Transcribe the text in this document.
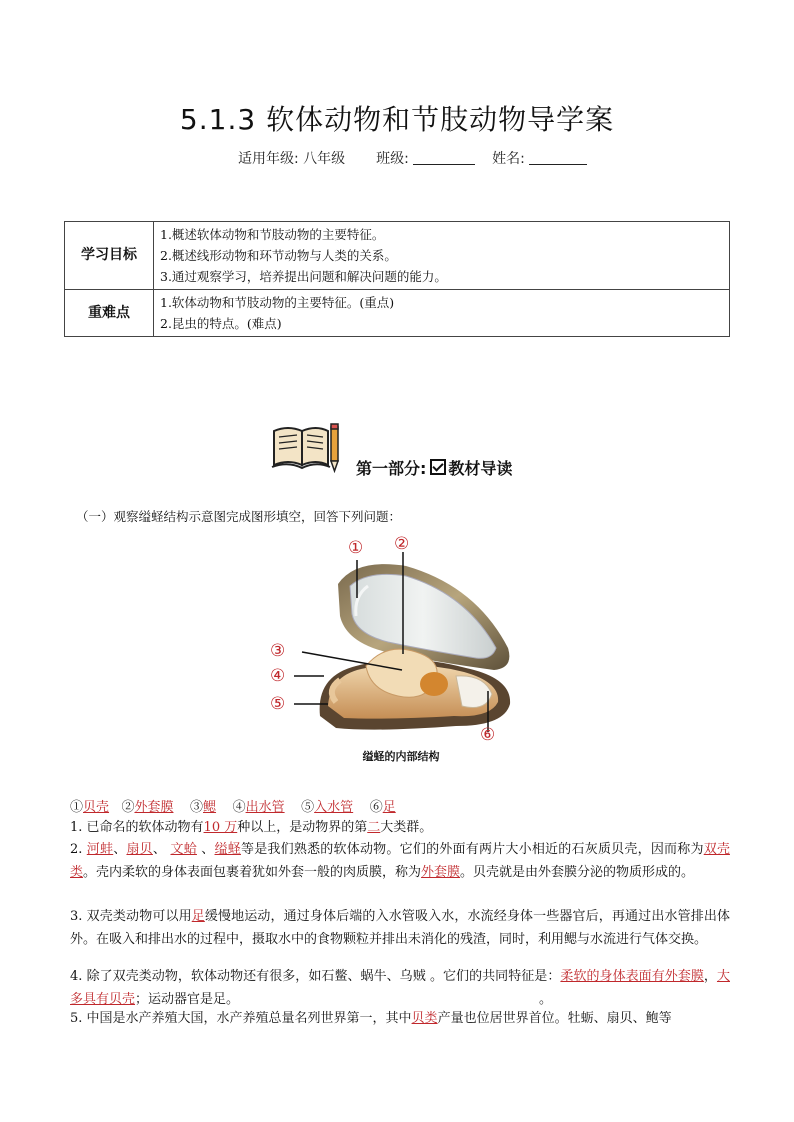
5.1.3 软体动物和节肢动物导学案
适用年级: 八年级 班级:	姓名:
学习目标	1.概述软体动物和节肢动物的主要特征。
2.概述线形动物和环节动物与人类的关系。
3.通过观察学习，培养提出问题和解决问题的能力。

重难点	1.软体动物和节肢动物的主要特征。(重点)
2.昆虫的特点。(难点)
第一部分: 教材导读
（一）观察缢蛏结构示意图完成图形填空，回答下列问题：
① ②
③
④
⑤
⑥
缢蛏的内部结构
①贝壳 ②外套膜 ③鳃 ④出水管 ⑤入水管 ⑥足
1. 已命名的软体动物有10 万种以上，是动物界的第二大类群。
2. 河蚌、扇贝、 文蛤 、缢蛏等是我们熟悉的软体动物。它们的外面有两片大小相近的石灰质贝壳，因而称为双壳类。壳内柔软的身体表面包裹着犹如外套一般的肉质膜，称为外套膜。贝壳就是由外套膜分泌的物质形成的。
3. 双壳类动物可以用足缓慢地运动，通过身体后端的入水管吸入水，水流经身体一些器官后，再通过出水管排出体外。在吸入和排出水的过程中，摄取水中的食物颗粒并排出未消化的残渣，同时，利用鳃与水流进行气体交换。
4. 除了双壳类动物，软体动物还有很多，如石鳖、蜗牛、乌贼 。它们的共同特征是：柔软的身体表面有外套膜，大多具有贝壳；运动器官是足。	。
5. 中国是水产养殖大国，水产养殖总量名列世界第一，其中贝类产量也位居世界首位。牡蛎、扇贝、鲍等
